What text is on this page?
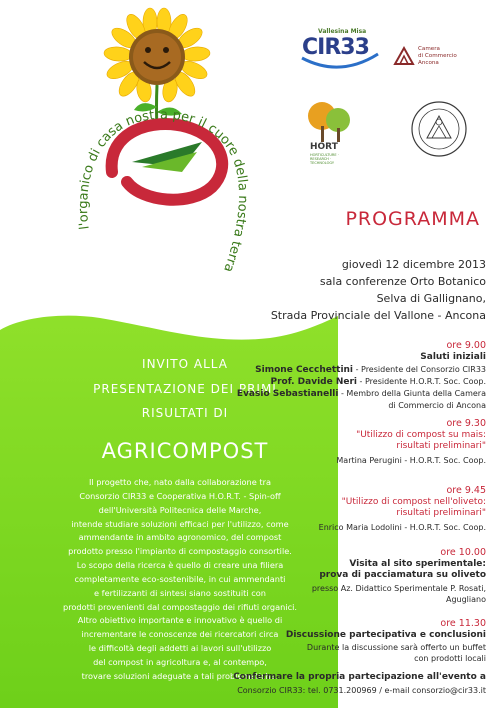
l'organico di casa nostra per il cuore della nostra terra
Vallesina Misa
CIR33	Camera
di Commercio
Ancona
HORT
HORTICULTURE · RESEARCH · TECHNOLOGY
PROGRAMMA
giovedì 12 dicembre 2013
sala conferenze Orto Botanico
Selva di Gallignano,
Strada Provinciale del Vallone - Ancona
INVITO ALLA
PRESENTAZIONE DEI PRIMI
RISULTATI DI
AGRICOMPOST

Il progetto che, nato dalla collaborazione tra

Consorzio CIR33 e Cooperativa H.O.R.T. - Spin-off

dell'Università Politecnica delle Marche,

intende studiare soluzioni efficaci per l'utilizzo, come

ammendante in ambito agronomico, del compost

prodotto presso l'impianto di compostaggio consortile.

Lo scopo della ricerca è quello di creare una filiera

completamente eco-sostenibile, in cui ammendanti

e fertilizzanti di sintesi siano sostituiti con

prodotti provenienti dal compostaggio dei rifiuti organici.

Altro obiettivo importante e innovativo è quello di

incrementare le conoscenze dei ricercatori circa

le difficoltà degli addetti ai lavori sull'utilizzo

del compost in agricoltura e, al contempo,

trovare soluzioni adeguate a tali problematiche.

ore 9.00
Saluti iniziali
Simone Cecchettini - Presidente del Consorzio CIR33
Prof. Davide Neri - Presidente H.O.R.T. Soc. Coop.
Evasio Sebastianelli - Membro della Giunta della Camera
di Commercio di Ancona
ore 9.30
"Utilizzo di compost su mais:
risultati preliminari"
Martina Perugini - H.O.R.T. Soc. Coop.
ore 9.45
"Utilizzo di compost nell'oliveto:
risultati preliminari"
Enrico Maria Lodolini - H.O.R.T. Soc. Coop.
ore 10.00
Visita al sito sperimentale:
prova di pacciamatura su oliveto
presso Az. Didattico Sperimentale P. Rosati,
Agugliano
ore 11.30
Discussione partecipativa e conclusioni
Durante la discussione sarà offerto un buffet
con prodotti locali
Confermare la propria partecipazione all'evento a
Consorzio CIR33: tel. 0731.200969 / e-mail consorzio@cir33.it
